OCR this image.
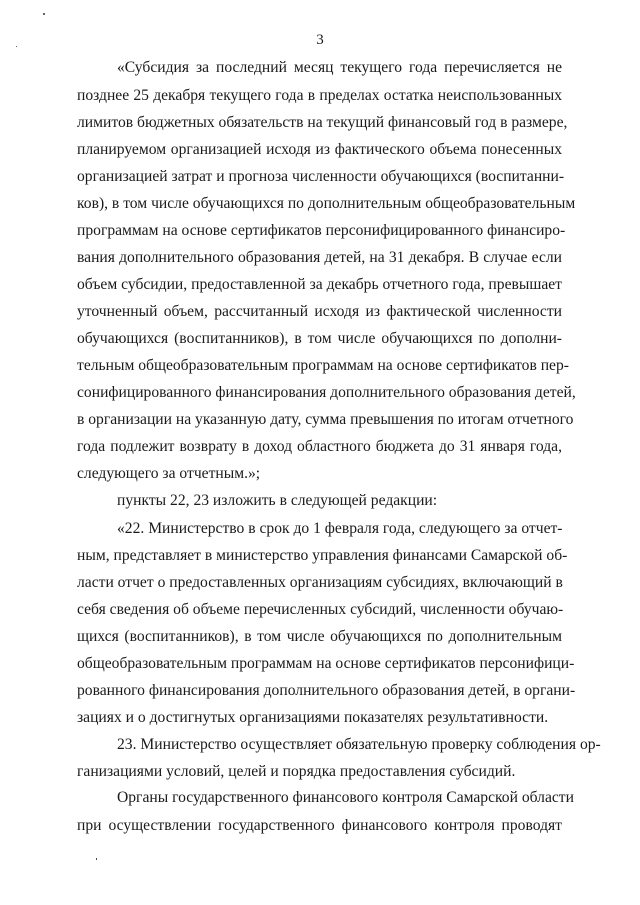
3
«Субсидия за последний месяц текущего года перечисляется не
позднее 25 декабря текущего года в пределах остатка неиспользованных
лимитов бюджетных обязательств на текущий финансовый год в размере,
планируемом организацией исходя из фактического объема понесенных
организацией затрат и прогноза численности обучающихся (воспитанни-
ков), в том числе обучающихся по дополнительным общеобразовательным
программам на основе сертификатов персонифицированного финансиро-
вания дополнительного образования детей, на 31 декабря. В случае если
объем субсидии, предоставленной за декабрь отчетного года, превышает
уточненный объем, рассчитанный исходя из фактической численности
обучающихся (воспитанников), в том числе обучающихся по дополни-
тельным общеобразовательным программам на основе сертификатов пер-
сонифицированного финансирования дополнительного образования детей,
в организации на указанную дату, сумма превышения по итогам отчетного
года подлежит возврату в доход областного бюджета до 31 января года,
следующего за отчетным.»;
пункты 22, 23 изложить в следующей редакции:
«22. Министерство в срок до 1 февраля года, следующего за отчет-
ным, представляет в министерство управления финансами Самарской об-
ласти отчет о предоставленных организациям субсидиях, включающий в
себя сведения об объеме перечисленных субсидий, численности обучаю-
щихся (воспитанников), в том числе обучающихся по дополнительным
общеобразовательным программам на основе сертификатов персонифици-
рованного финансирования дополнительного образования детей, в органи-
зациях и о достигнутых организациями показателях результативности.
23. Министерство осуществляет обязательную проверку соблюдения ор-
ганизациями условий, целей и порядка предоставления субсидий.
Органы государственного финансового контроля Самарской области
при осуществлении государственного финансового контроля проводят
